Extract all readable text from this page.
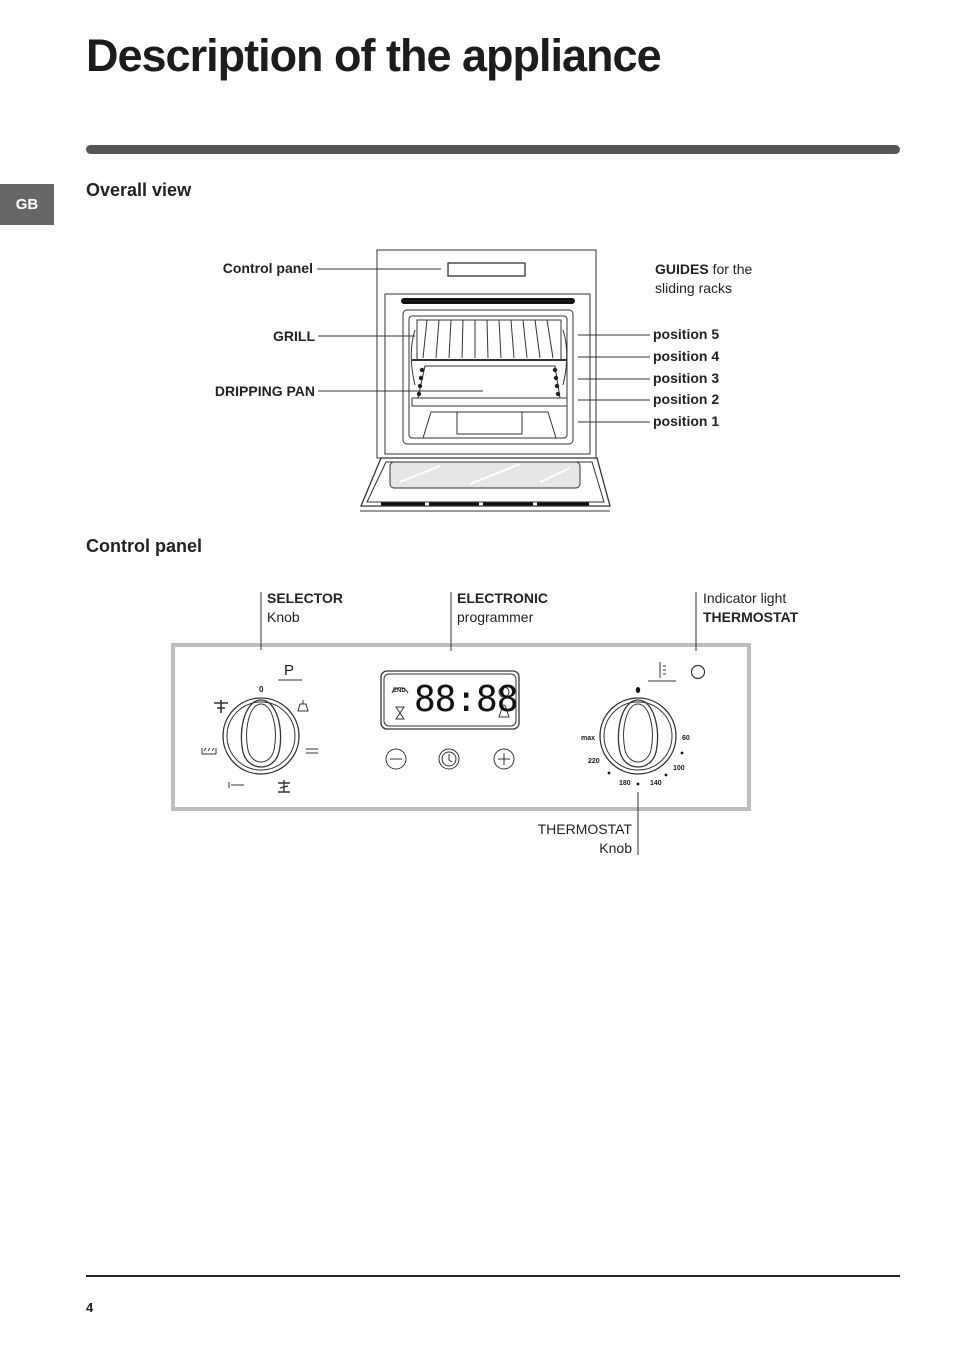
Description of the appliance
GB
Overall view
Control panel
Control panel
GRILL
DRIPPING PAN
GUIDES for the
sliding racks
position 5
position 4
position 3
position 2
position 1
SELECTOR
Knob
ELECTRONIC
programmer
Indicator light
THERMOSTAT
THERMOSTAT
Knob
P
0	END 88:88
max	60
100
140
180
220
4
